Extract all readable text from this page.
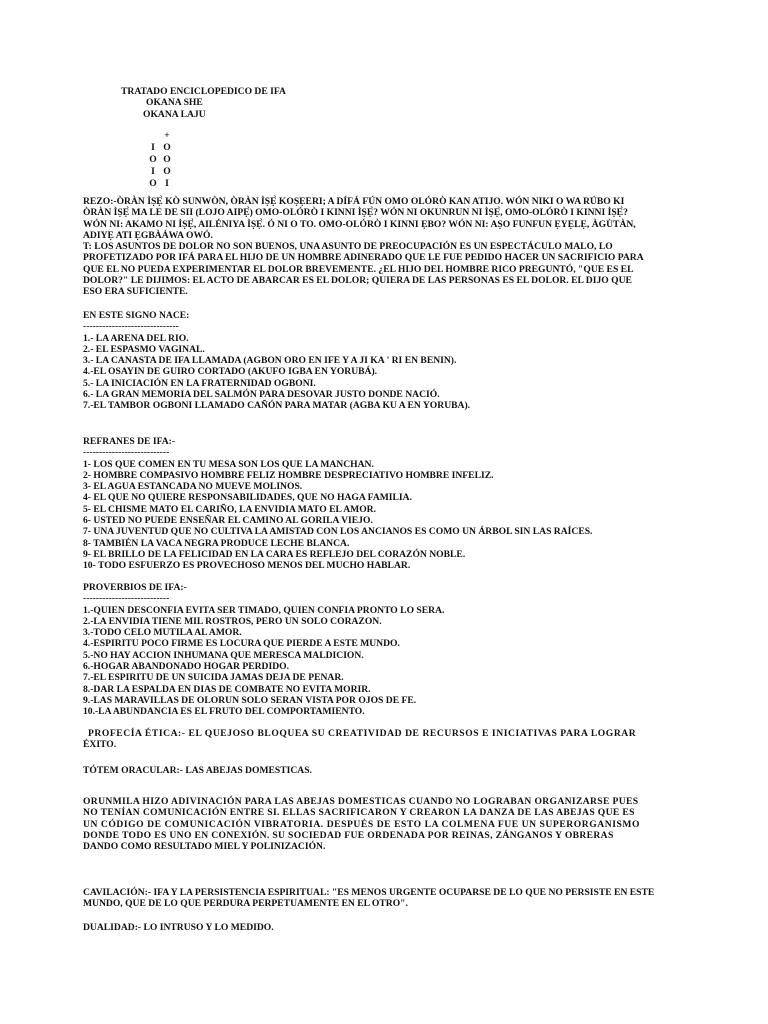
TRATADO ENCICLOPEDICO DE IFA
OKANA SHE
OKANA LAJU
+
I O
O O
I O
O I
REZO:-ÒRÀN ÌṢẸ̀ KÒ SUNWÒN, ÒRÀN ÌṢẸ̀ KOṢẸERI; A DÍFÁ FÚN OMO OLÓRÒ KAN ATIJO. WÓN NIKI O WA RÚBO KI
ÒRÀN ÌṢẸ̀ MA LE DE SII (LOJO AIPẸ̀) OMO-OLÓRÒ I KINNI ÌṢẸ̀? WÓN NI OKUNRUN NI ÌṢẸ̀, OMO-OLÓRÒ I KINNI ÌṢẸ̀?
WÓN NI: AKAMO NI ÌṢẸ̀, AILÉNIYA ÌṢẸ̀. Ó NI O TO. OMO-OLÓRÒ I KINNI ẸBO? WÓN NI: AṢO FUNFUN ẸYẸLẸ, ÀGÙTÀN,
ADIYẸ ATI ẸGBÀÁWA OWÓ.
T: LOS ASUNTOS DE DOLOR NO SON BUENOS, UNA ASUNTO DE PREOCUPACIÓN ES UN ESPECTÁCULO MALO, LO
PROFETIZADO POR IFÁ PARA EL HIJO DE UN HOMBRE ADINERADO QUE LE FUE PEDIDO HACER UN SACRIFICIO PARA
QUE EL NO PUEDA EXPERIMENTAR EL DOLOR BREVEMENTE. ¿EL HIJO DEL HOMBRE RICO PREGUNTÓ, "QUE ES EL
DOLOR?" LE DIJIMOS: EL ACTO DE ABARCAR ES EL DOLOR; QUIERA DE LAS PERSONAS ES EL DOLOR. EL DIJO QUE
ESO ERA SUFICIENTE.
EN ESTE SIGNO NACE:
------------------------------
1.- LA ARENA DEL RIO.
2.- EL ESPASMO VAGINAL.
3.- LA CANASTA DE IFA LLAMADA (AGBON ORO EN IFE Y A JI KA ' RI EN BENIN).
4.-EL OSAYIN DE GUIRO CORTADO (AKUFO IGBA EN YORUBÁ).
5.- LA INICIACIÓN EN LA FRATERNIDAD OGBONI.
6.- LA GRAN MEMORIA DEL SALMÓN PARA DESOVAR JUSTO DONDE NACIÓ.
7.-EL TAMBOR OGBONI LLAMADO CAÑÓN PARA MATAR (AGBA KU A EN YORUBA).
REFRANES DE IFA:-
---------------------------
1- LOS QUE COMEN EN TU MESA SON LOS QUE LA MANCHAN.
2- HOMBRE COMPASIVO HOMBRE FELIZ HOMBRE DESPRECIATIVO HOMBRE INFELIZ.
3- EL AGUA ESTANCADA NO MUEVE MOLINOS.
4- EL QUE NO QUIERE RESPONSABILIDADES, QUE NO HAGA FAMILIA.
5- EL CHISME MATO EL CARIÑO, LA ENVIDIA MATO EL AMOR.
6- USTED NO PUEDE ENSEÑAR EL CAMINO AL GORILA VIEJO.
7- UNA JUVENTUD QUE NO CULTIVA LA AMISTAD CON LOS ANCIANOS ES COMO UN ÁRBOL SIN LAS RAÍCES.
8- TAMBIÉN LA VACA NEGRA PRODUCE LECHE BLANCA.
9- EL BRILLO DE LA FELICIDAD EN LA CARA ES REFLEJO DEL CORAZÓN NOBLE.
10- TODO ESFUERZO ES PROVECHOSO MENOS DEL MUCHO HABLAR.
PROVERBIOS DE IFA:-
---------------------------
1.-QUIEN DESCONFIA EVITA SER TIMADO, QUIEN CONFIA PRONTO LO SERA.
2.-LA ENVIDIA TIENE MIL ROSTROS, PERO UN SOLO CORAZON.
3.-TODO CELO MUTILA AL AMOR.
4.-ESPIRITU POCO FIRME ES LOCURA QUE PIERDE A ESTE MUNDO.
5.-NO HAY ACCION INHUMANA QUE MERESCA MALDICION.
6.-HOGAR ABANDONADO HOGAR PERDIDO.
7.-EL ESPIRITU DE UN SUICIDA JAMAS DEJA DE PENAR.
8.-DAR LA ESPALDA EN DIAS DE COMBATE NO EVITA MORIR.
9.-LAS MARAVILLAS DE OLORUN SOLO SERAN VISTA POR OJOS DE FE.
10.-LA ABUNDANCIA ES EL FRUTO DEL COMPORTAMIENTO.
PROFECÍA ÉTICA:- EL QUEJOSO BLOQUEA SU CREATIVIDAD DE RECURSOS E INICIATIVAS PARA LOGRAR
ÉXITO.
TÓTEM ORACULAR:- LAS ABEJAS DOMESTICAS.
ORUNMILA HIZO ADIVINACIÓN PARA LAS ABEJAS DOMESTICAS CUANDO NO LOGRABAN ORGANIZARSE PUES
NO TENÍAN COMUNICACIÓN ENTRE SI. ELLAS SACRIFICARON Y CREARON LA DANZA DE LAS ABEJAS QUE ES
UN CÓDIGO DE COMUNICACIÓN VIBRATORIA. DESPUÉS DE ESTO LA COLMENA FUE UN SUPERORGANISMO
DONDE TODO ES UNO EN CONEXIÓN. SU SOCIEDAD FUE ORDENADA POR REINAS, ZÁNGANOS Y OBRERAS
DANDO COMO RESULTADO MIEL Y POLINIZACIÓN.
CAVILACIÓN:- IFA Y LA PERSISTENCIA ESPIRITUAL: "ES MENOS URGENTE OCUPARSE DE LO QUE NO PERSISTE EN ESTE
MUNDO, QUE DE LO QUE PERDURA PERPETUAMENTE EN EL OTRO".
DUALIDAD:- LO INTRUSO Y LO MEDIDO.
